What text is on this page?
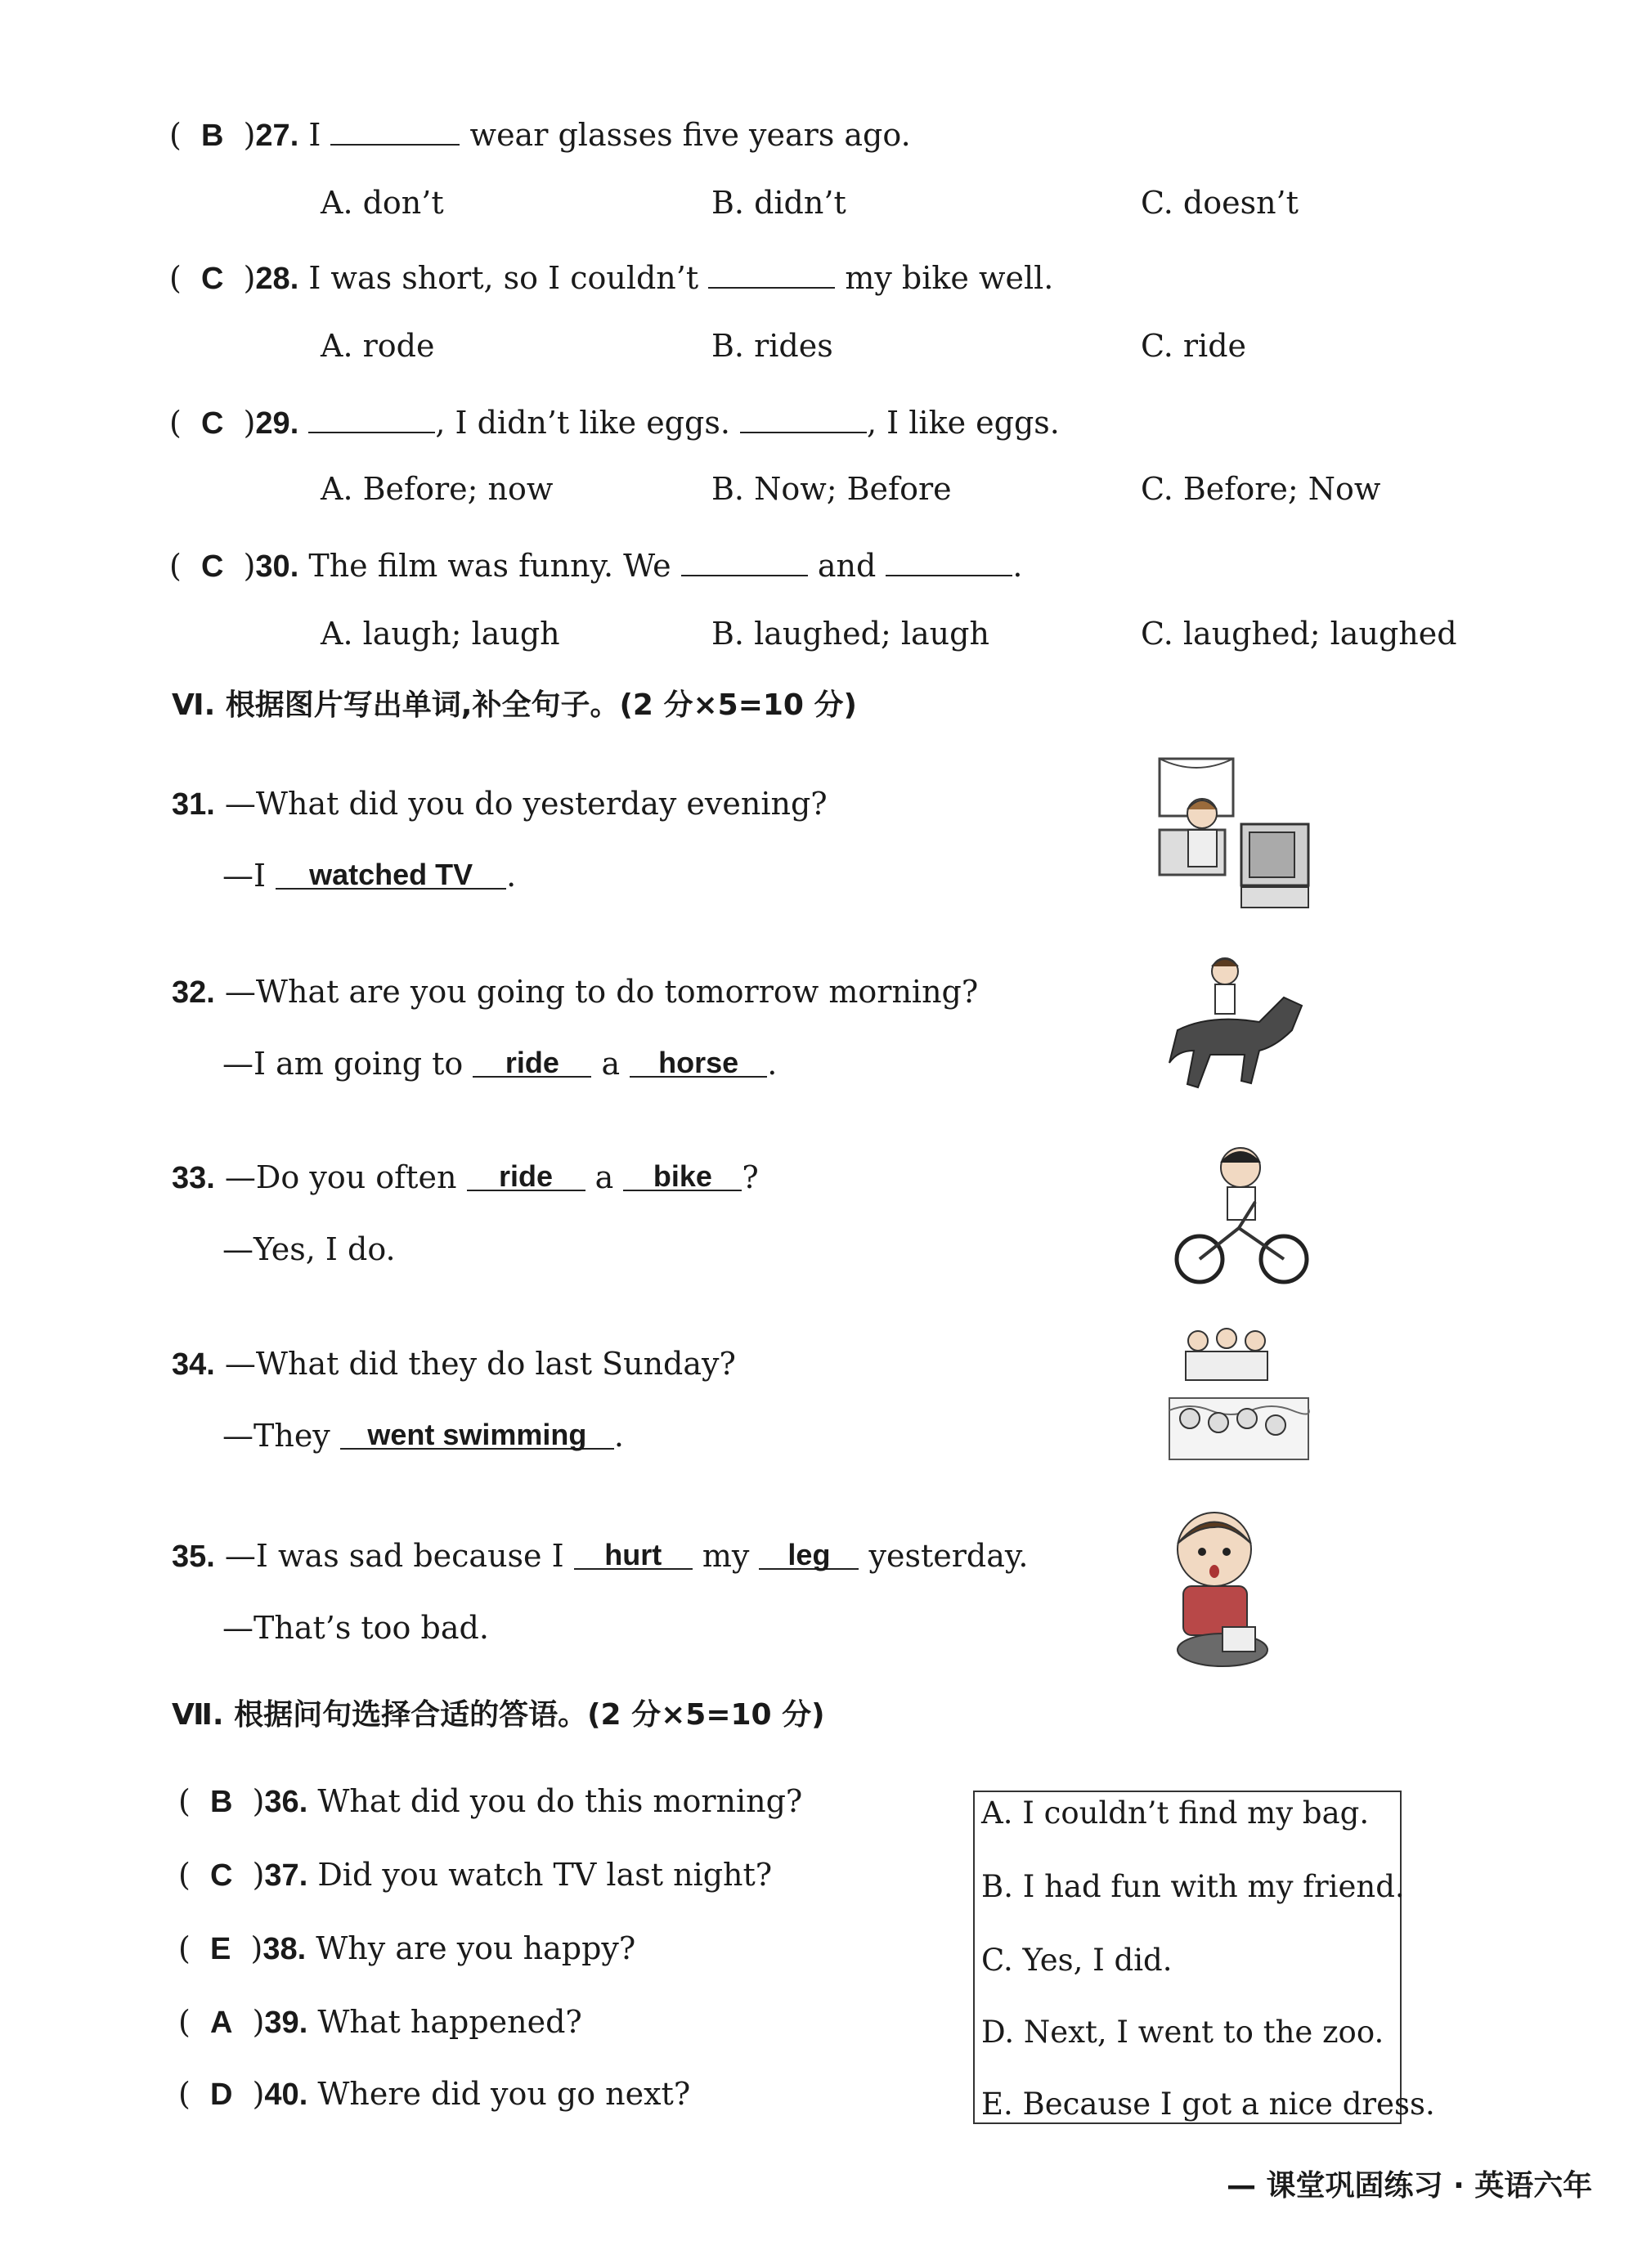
(  B  )27. I	wear glasses five years ago.
A. don’t	B. didn’t	C. doesn’t
(  C  )28. I was short, so I couldn’t	my bike well.
A. rode	B. rides	C. ride
(  C  )29.	, I didn’t like eggs.	, I like eggs.
A. Before; now	B. Now; Before	C. Before; Now
(  C  )30. The film was funny. We	and	.
A. laugh; laugh	B. laughed; laugh	C. laughed; laughed
Ⅵ. 根据图片写出单词,补全句子。(2 分×5=10 分)
31. —What did you do yesterday evening?
—I watched TV .
32. —What are you going to do tomorrow morning?
—I am going to ride a horse .
33. —Do you often ride a bike ?
—Yes, I do.
34. —What did they do last Sunday?
—They went swimming .
35. —I was sad because I hurt my leg yesterday.
—That’s too bad.
Ⅶ. 根据问句选择合适的答语。(2 分×5=10 分)
(  B  )36. What did you do this morning?
(  C  )37. Did you watch TV last night?
(  E  )38. Why are you happy?
(  A  )39. What happened?
(  D  )40. Where did you go next?
A. I couldn’t find my bag.
B. I had fun with my friend.
C. Yes, I did.
D. Next, I went to the zoo.
E. Because I got a nice dress.
— 课堂巩固练习 · 英语六年
